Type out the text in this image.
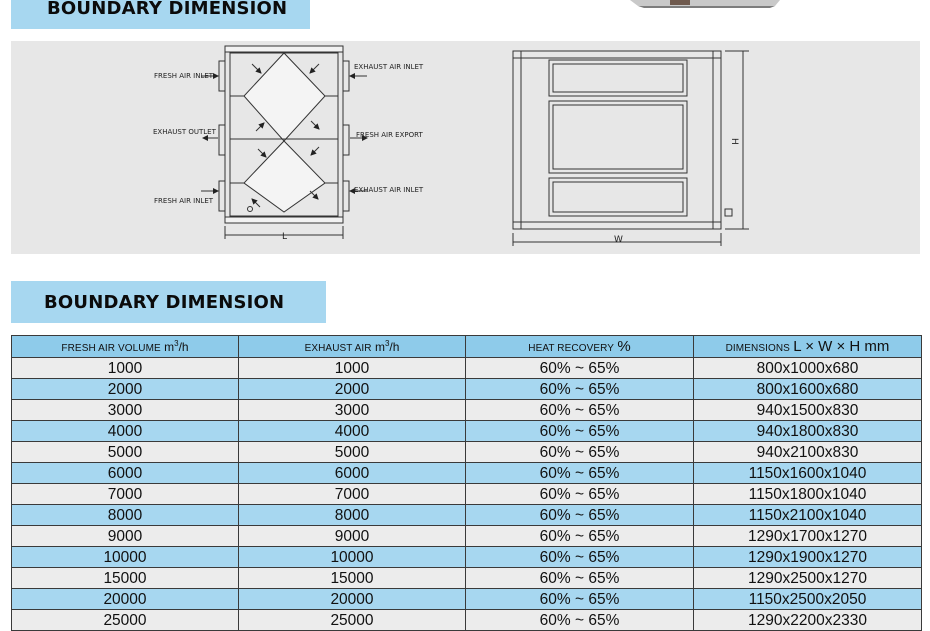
BOUNDARY DIMENSION
FRESH AIR INLET
EXHAUST OUTLET
FRESH AIR INLET
EXHAUST AIR INLET
FRESH AIR EXPORT
EXHAUST AIR INLET
L	W
H
BOUNDARY DIMENSION
FRESH AIR VOLUME $m^3/h$	EXHAUST AIR $m^3/h$	HEAT RECOVERY %	DIMENSIONS L × W × H mm
1000	1000	60% ~ 65%	800x1000x680
2000	2000	60% ~ 65%	800x1600x680
3000	3000	60% ~ 65%	940x1500x830
4000	4000	60% ~ 65%	940x1800x830
5000	5000	60% ~ 65%	940x2100x830
6000	6000	60% ~ 65%	1150x1600x1040
7000	7000	60% ~ 65%	1150x1800x1040
8000	8000	60% ~ 65%	1150x2100x1040
9000	9000	60% ~ 65%	1290x1700x1270
10000	10000	60% ~ 65%	1290x1900x1270
15000	15000	60% ~ 65%	1290x2500x1270
20000	20000	60% ~ 65%	1150x2500x2050
25000	25000	60% ~ 65%	1290x2200x2330
